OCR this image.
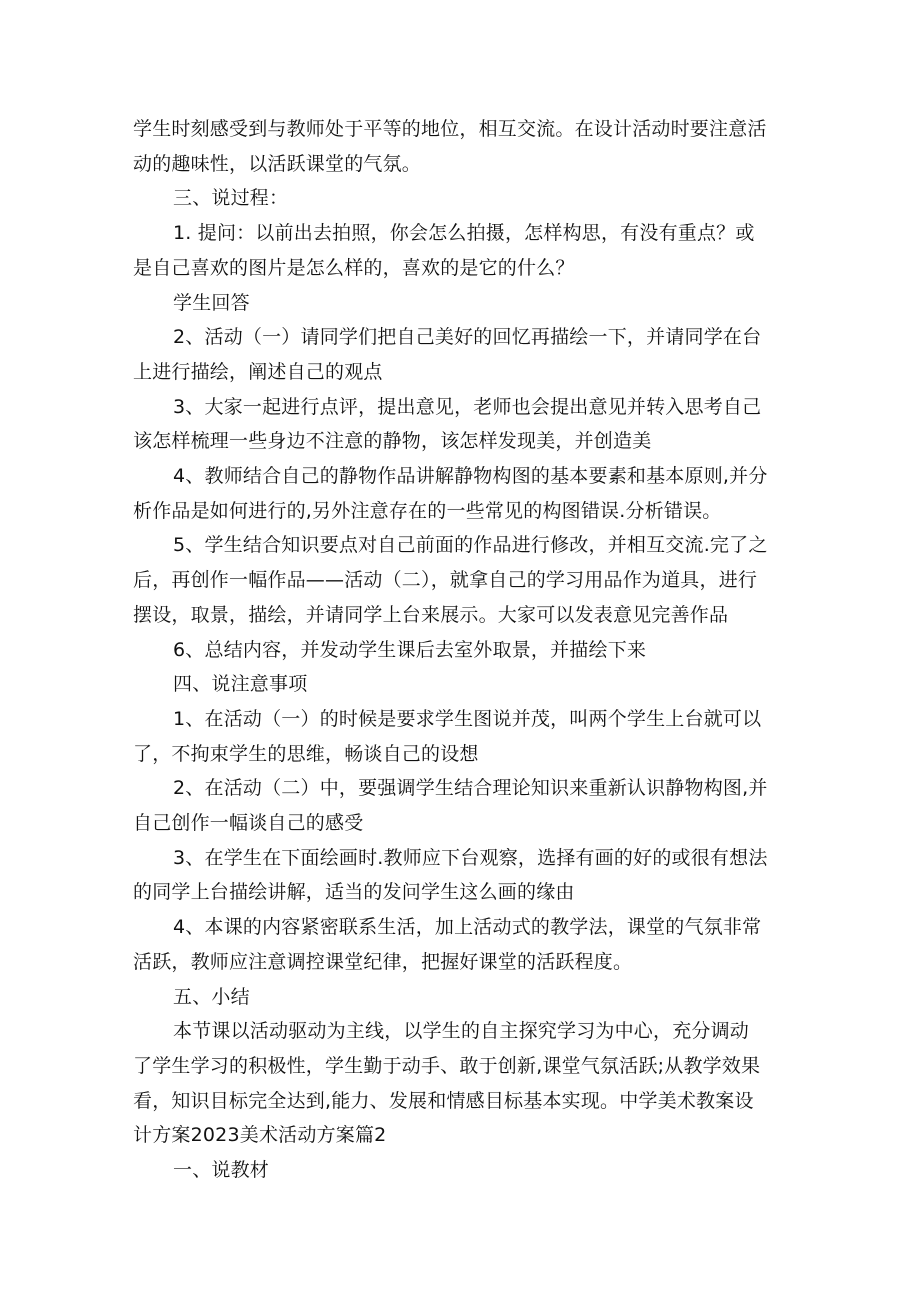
学生时刻感受到与教师处于平等的地位，相互交流。在设计活动时要注意活
动的趣味性，以活跃课堂的气氛。
三、说过程：
1. 提问：以前出去拍照，你会怎么拍摄，怎样构思，有没有重点？或
是自己喜欢的图片是怎么样的，喜欢的是它的什么？
学生回答
2、活动（一）请同学们把自己美好的回忆再描绘一下，并请同学在台
上进行描绘，阐述自己的观点
3、大家一起进行点评，提出意见，老师也会提出意见并转入思考自己
该怎样梳理一些身边不注意的静物，该怎样发现美，并创造美
4、教师结合自己的静物作品讲解静物构图的基本要素和基本原则,并分
析作品是如何进行的,另外注意存在的一些常见的构图错误.分析错误。
5、学生结合知识要点对自己前面的作品进行修改，并相互交流.完了之
后，再创作一幅作品——活动（二），就拿自己的学习用品作为道具，进行
摆设，取景，描绘，并请同学上台来展示。大家可以发表意见完善作品
6、总结内容，并发动学生课后去室外取景，并描绘下来
四、说注意事项
1、在活动（一）的时候是要求学生图说并茂，叫两个学生上台就可以
了，不拘束学生的思维，畅谈自己的设想
2、在活动（二）中，要强调学生结合理论知识来重新认识静物构图,并
自己创作一幅谈自己的感受
3、在学生在下面绘画时.教师应下台观察，选择有画的好的或很有想法
的同学上台描绘讲解，适当的发问学生这么画的缘由
4、本课的内容紧密联系生活，加上活动式的教学法，课堂的气氛非常
活跃，教师应注意调控课堂纪律，把握好课堂的活跃程度。
五、小结
本节课以活动驱动为主线，以学生的自主探究学习为中心，充分调动
了学生学习的积极性，学生勤于动手、敢于创新,课堂气氛活跃;从教学效果
看，知识目标完全达到,能力、发展和情感目标基本实现。中学美术教案设
计方案2023美术活动方案篇2
一、说教材
